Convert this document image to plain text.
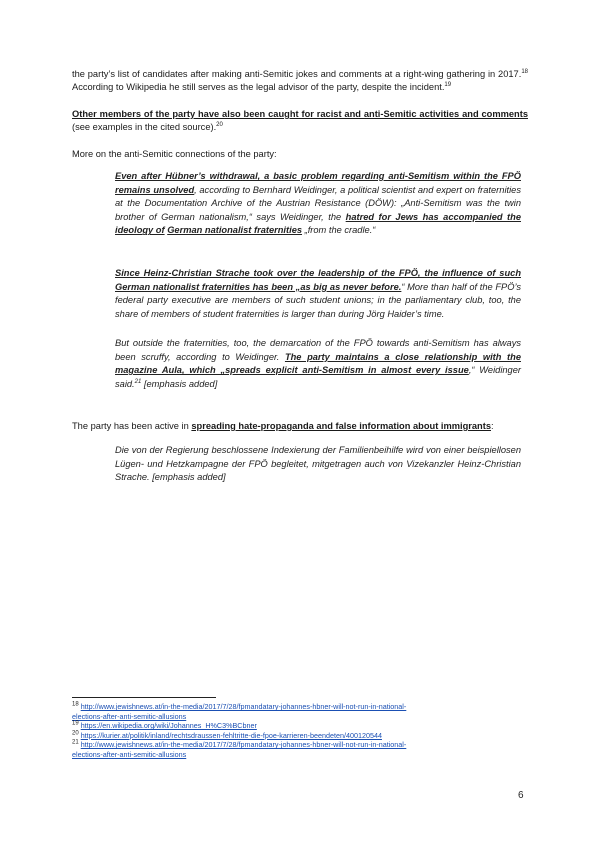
the party’s list of candidates after making anti-Semitic jokes and comments at a right-wing gathering in 2017.18 According to Wikipedia he still serves as the legal advisor of the party, despite the incident.$^{19}$

Other members of the party have also been caught for racist and anti-Semitic activities and comments (see examples in the cited source).$^{20}$

More on the anti-Semitic connections of the party:

Even after Hübner’s withdrawal, a basic problem regarding anti-Semitism within the FPÖ remains unsolved, according to Bernhard Weidinger, a political scientist and expert on fraternities at the Documentation Archive of the Austrian Resistance (DÖW): „Anti-Semitism was the twin brother of German nationalism,“ says Weidinger, the hatred for Jews has accompanied the ideology of German nationalist fraternities „from the cradle.“

Since Heinz-Christian Strache took over the leadership of the FPÖ, the influence of such German nationalist fraternities has been „as big as never before.“ More than half of the FPÖ’s federal party executive are members of such student unions; in the parliamentary club, too, the share of members of student fraternities is larger than during Jörg Haider’s time.

But outside the fraternities, too, the demarcation of the FPÖ towards anti-Semitism has always been scruffy, according to Weidinger. The party maintains a close relationship with the magazine Aula, which „spreads explicit anti-Semitism in almost every issue,“ Weidinger said.$^{21}$ [emphasis added]

The party has been active in spreading hate-propaganda and false information about immigrants:

Die von der Regierung beschlossene Indexierung der Familienbeihilfe wird von einer beispiellosen Lügen- und Hetzkampagne der FPÖ begleitet, mitgetragen auch von Vizekanzler Heinz-Christian Strache. [emphasis added]

$^{18}$ http://www.jewishnews.at/in-the-media/2017/7/28/fpmandatary-johannes-hbner-will-not-run-in-national-
elections-after-anti-semitic-allusions
$^{19}$ https://en.wikipedia.org/wiki/Johannes_H%C3%BCbner
$^{20}$ https://kurier.at/politik/inland/rechtsdraussen-fehltritte-die-fpoe-karrieren-beendeten/400120544
$^{21}$ http://www.jewishnews.at/in-the-media/2017/7/28/fpmandatary-johannes-hbner-will-not-run-in-national-
elections-after-anti-semitic-allusions
6
